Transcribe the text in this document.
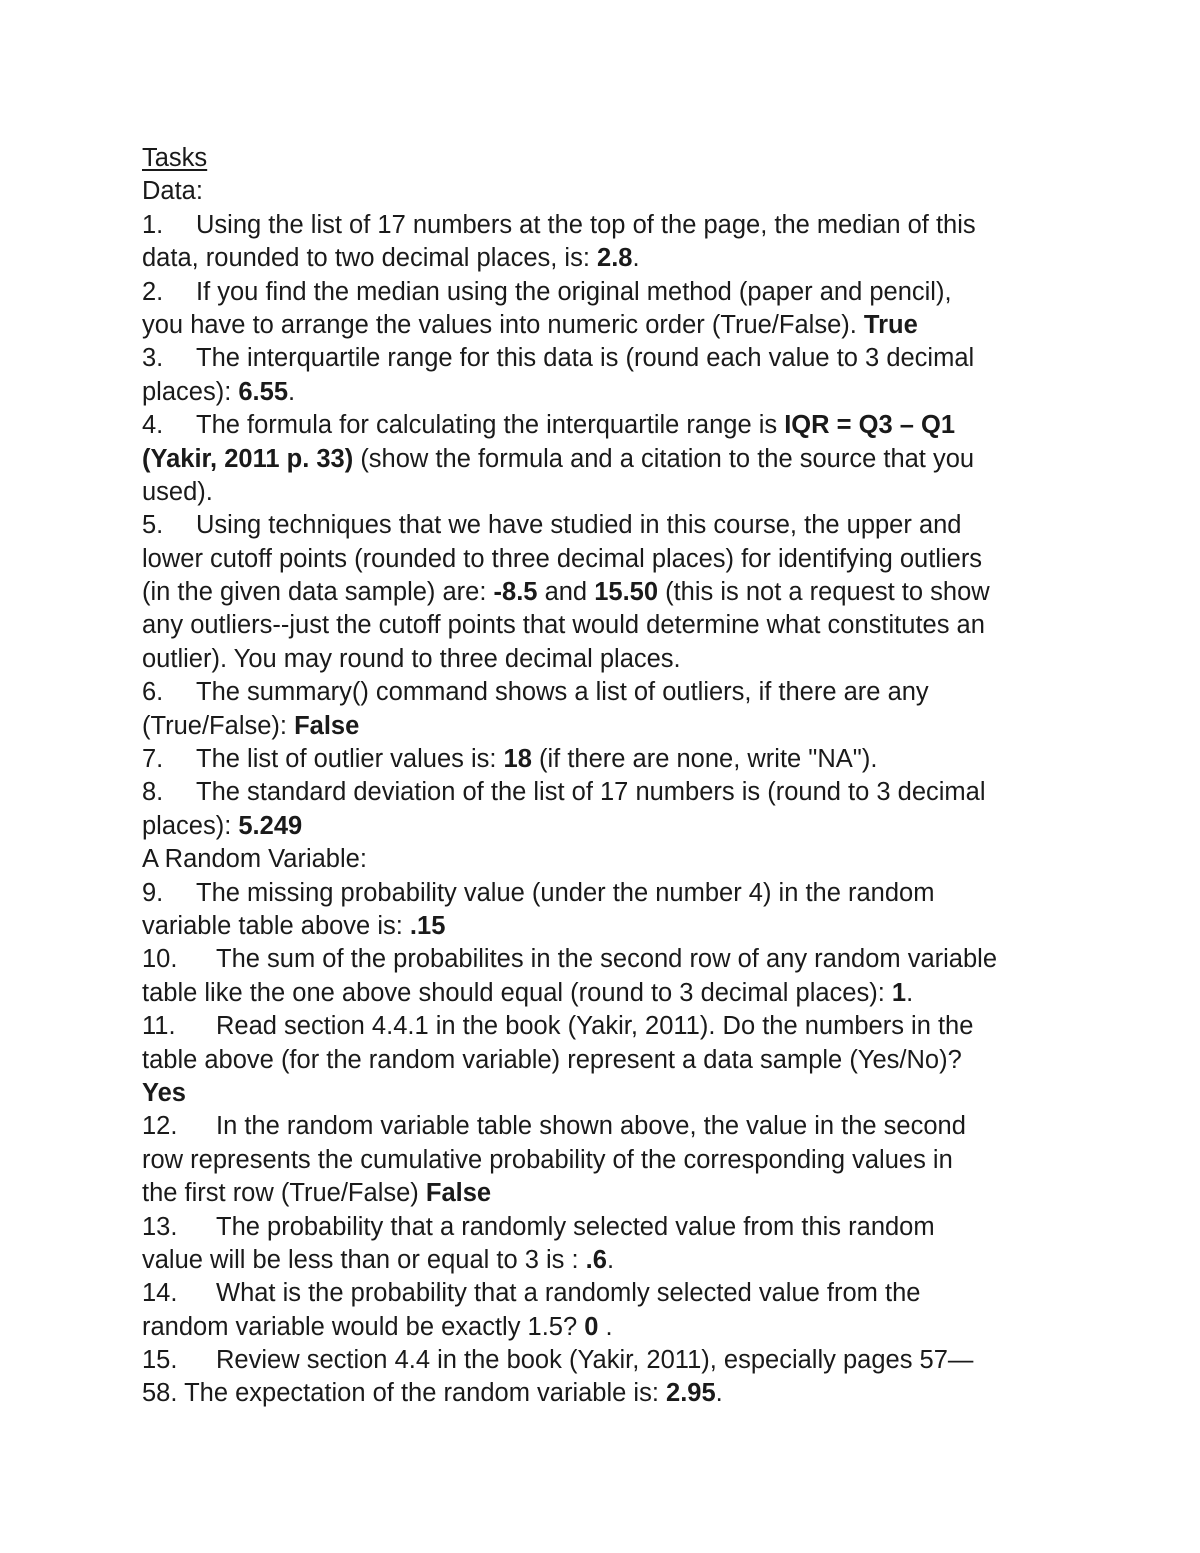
Tasks
Data:
1. Using the list of 17 numbers at the top of the page, the median of this
data, rounded to two decimal places, is: 2.8.
2. If you find the median using the original method (paper and pencil),
you have to arrange the values into numeric order (True/False). True
3. The interquartile range for this data is (round each value to 3 decimal
places): 6.55.
4. The formula for calculating the interquartile range is IQR = Q3 – Q1
(Yakir, 2011 p. 33) (show the formula and a citation to the source that you
used).
5. Using techniques that we have studied in this course, the upper and
lower cutoff points (rounded to three decimal places) for identifying outliers
(in the given data sample) are: -8.5 and 15.50 (this is not a request to show
any outliers--just the cutoff points that would determine what constitutes an
outlier). You may round to three decimal places.
6. The summary() command shows a list of outliers, if there are any
(True/False): False
7. The list of outlier values is: 18 (if there are none, write "NA").
8. The standard deviation of the list of 17 numbers is (round to 3 decimal
places): 5.249
A Random Variable:
9. The missing probability value (under the number 4) in the random
variable table above is: .15
10. The sum of the probabilites in the second row of any random variable
table like the one above should equal (round to 3 decimal places): 1.
11. Read section 4.4.1 in the book (Yakir, 2011). Do the numbers in the
table above (for the random variable) represent a data sample (Yes/No)?
Yes
12. In the random variable table shown above, the value in the second
row represents the cumulative probability of the corresponding values in
the first row (True/False) False
13. The probability that a randomly selected value from this random
value will be less than or equal to 3 is : .6.
14. What is the probability that a randomly selected value from the
random variable would be exactly 1.5? 0 .
15. Review section 4.4 in the book (Yakir, 2011), especially pages 57—
58. The expectation of the random variable is: 2.95.
